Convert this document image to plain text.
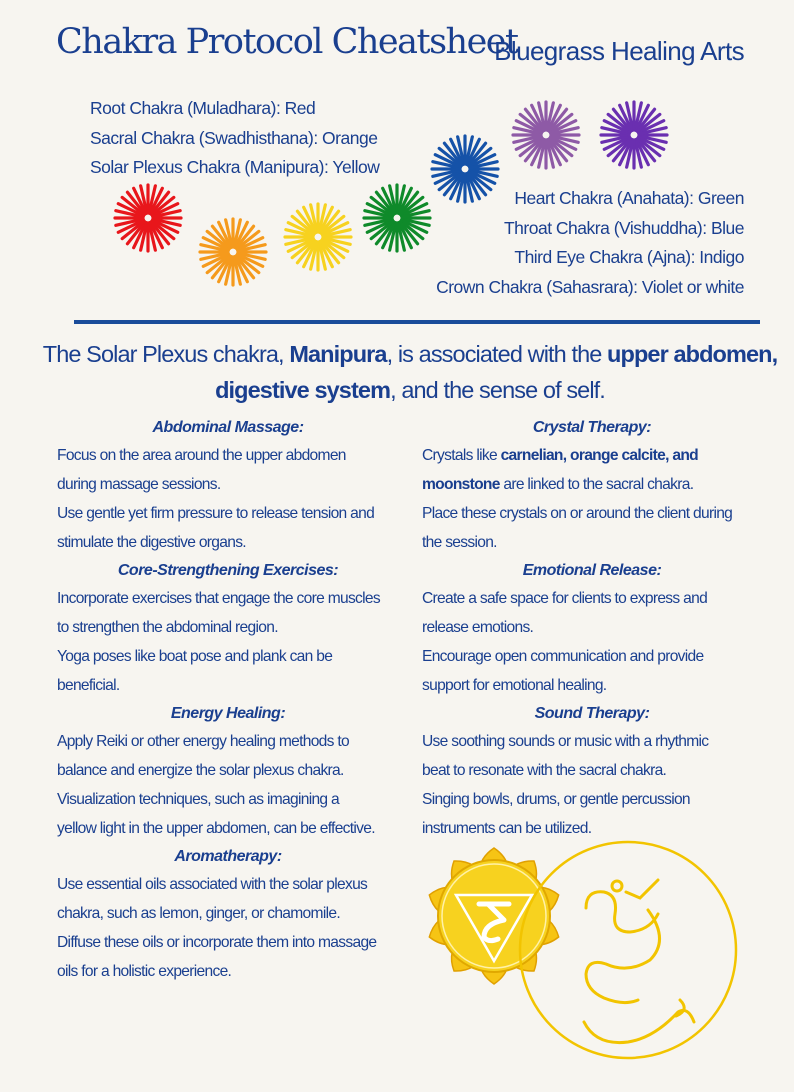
Chakra Protocol Cheatsheet
Bluegrass Healing Arts
Root Chakra (Muladhara): Red
Sacral Chakra (Swadhisthana): Orange
Solar Plexus Chakra (Manipura): Yellow
Heart Chakra (Anahata): Green
Throat Chakra (Vishuddha): Blue
Third Eye Chakra (Ajna): Indigo
Crown Chakra (Sahasrara): Violet or white
The Solar Plexus chakra, Manipura, is associated with the upper abdomen,
digestive system, and the sense of self.
Abdominal Massage:
Focus on the area around the upper abdomen
during massage sessions.
Use gentle yet firm pressure to release tension and
stimulate the digestive organs.
Core-Strengthening Exercises:
Incorporate exercises that engage the core muscles
to strengthen the abdominal region.
Yoga poses like boat pose and plank can be
beneficial.
Energy Healing:
Apply Reiki or other energy healing methods to
balance and energize the solar plexus chakra.
Visualization techniques, such as imagining a
yellow light in the upper abdomen, can be effective.
Aromatherapy:
Use essential oils associated with the solar plexus
chakra, such as lemon, ginger, or chamomile.
Diffuse these oils or incorporate them into massage
oils for a holistic experience.
Crystal Therapy:
Crystals like carnelian, orange calcite, and
moonstone are linked to the sacral chakra.
Place these crystals on or around the client during
the session.
Emotional Release:
Create a safe space for clients to express and
release emotions.
Encourage open communication and provide
support for emotional healing.
Sound Therapy:
Use soothing sounds or music with a rhythmic
beat to resonate with the sacral chakra.
Singing bowls, drums, or gentle percussion
instruments can be utilized.
